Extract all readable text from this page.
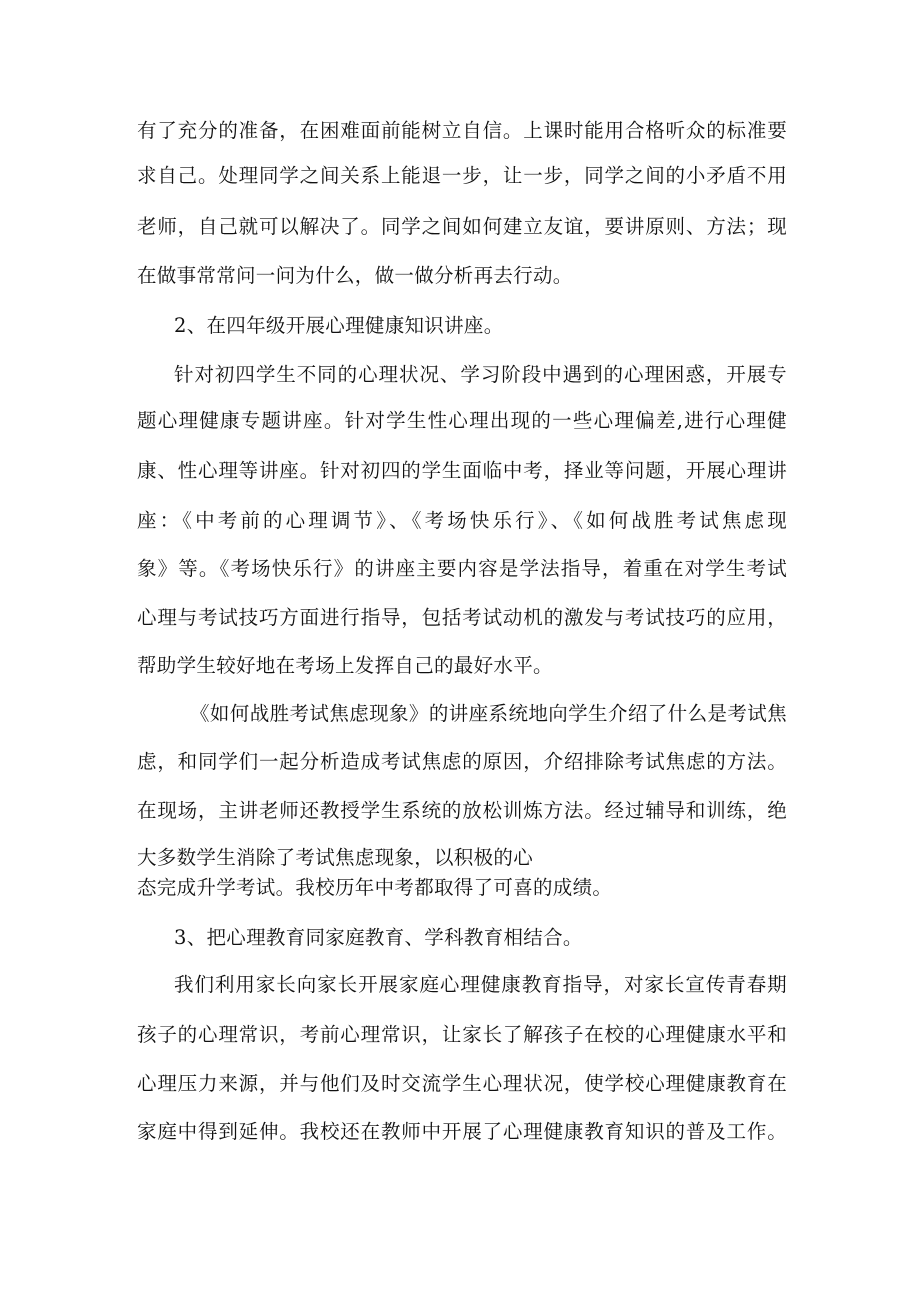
有了充分的准备，在困难面前能树立自信。上课时能用合格听众的标准要
求自己。处理同学之间关系上能退一步，让一步，同学之间的小矛盾不用
老师，自己就可以解决了。同学之间如何建立友谊，要讲原则、方法；现
在做事常常问一问为什么，做一做分析再去行动。
2、在四年级开展心理健康知识讲座。
针对初四学生不同的心理状况、学习阶段中遇到的心理困惑，开展专
题心理健康专题讲座。针对学生性心理出现的一些心理偏差,进行心理健
康、性心理等讲座。针对初四的学生面临中考，择业等问题，开展心理讲
座：《中考前的心理调节》、《考场快乐行》、《如何战胜考试焦虑现
象》等。《考场快乐行》的讲座主要内容是学法指导，着重在对学生考试
心理与考试技巧方面进行指导，包括考试动机的激发与考试技巧的应用，
帮助学生较好地在考场上发挥自己的最好水平。
《如何战胜考试焦虑现象》的讲座系统地向学生介绍了什么是考试焦
虑，和同学们一起分析造成考试焦虑的原因，介绍排除考试焦虑的方法。
在现场，主讲老师还教授学生系统的放松训炼方法。经过辅导和训练，绝
大多数学生消除了考试焦虑现象，以积极的心
态完成升学考试。我校历年中考都取得了可喜的成绩。
3、把心理教育同家庭教育、学科教育相结合。
我们利用家长向家长开展家庭心理健康教育指导，对家长宣传青春期
孩子的心理常识，考前心理常识，让家长了解孩子在校的心理健康水平和
心理压力来源，并与他们及时交流学生心理状况，使学校心理健康教育在
家庭中得到延伸。我校还在教师中开展了心理健康教育知识的普及工作。
